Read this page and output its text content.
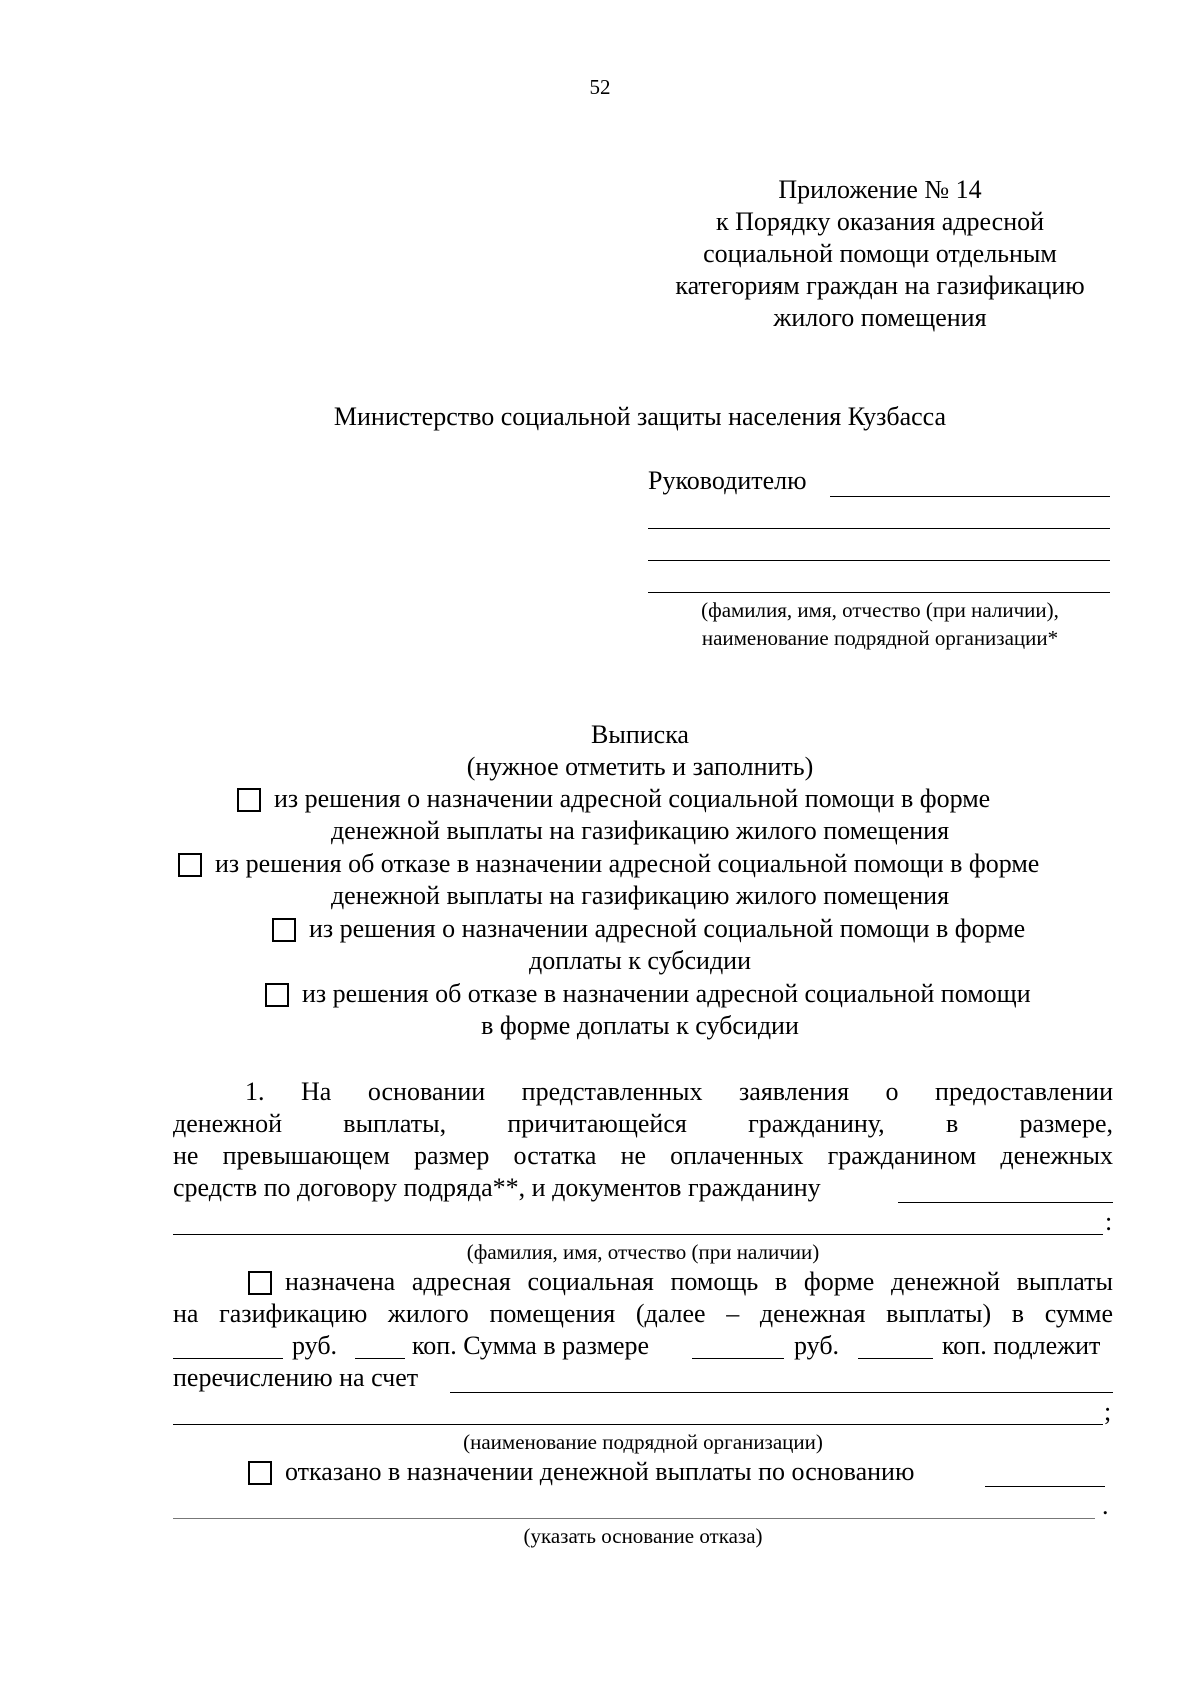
52
Приложение № 14
к Порядку оказания адресной
социальной помощи отдельным
категориям граждан на газификацию
жилого помещения
Министерство социальной защиты населения Кузбасса
Руководителю
(фамилия, имя, отчество (при наличии),
наименование подрядной организации*
Выписка
(нужное отметить и заполнить)
из решения о назначении адресной социальной помощи в форме
денежной выплаты на газификацию жилого помещения
из решения об отказе в назначении адресной социальной помощи в форме
денежной выплаты на газификацию жилого помещения
из решения о назначении адресной социальной помощи в форме
доплаты к субсидии
из решения об отказе в назначении адресной социальной помощи
в форме доплаты к субсидии
1. На основании представленных заявления о предоставлении
денежной выплаты, причитающейся гражданину, в размере,
не превышающем размер остатка не оплаченных гражданином денежных
средств по договору подряда**, и документов гражданину
:
(фамилия, имя, отчество (при наличии)
назначена адресная социальная помощь в форме денежной выплаты
на газификацию жилого помещения (далее – денежная выплаты) в сумме
руб.	коп. Сумма в размере	руб.	коп. подлежит
перечислению на счет
;
(наименование подрядной организации)
отказано в назначении денежной выплаты по основанию
.
(указать основание отказа)
